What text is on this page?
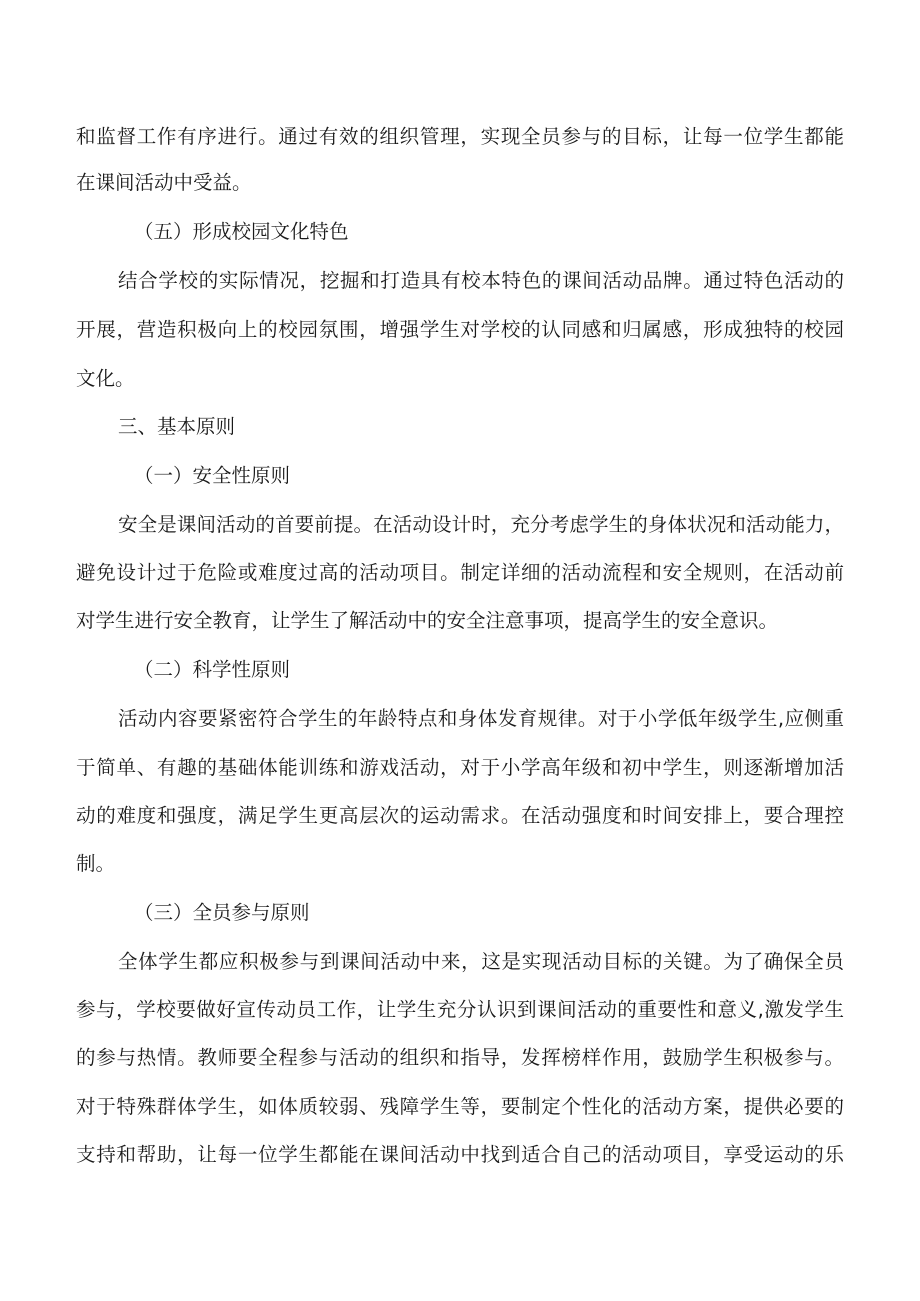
和监督工作有序进行。通过有效的组织管理，实现全员参与的目标，让每一位学生都能

在课间活动中受益。

（五）形成校园文化特色

结合学校的实际情况，挖掘和打造具有校本特色的课间活动品牌。通过特色活动的

开展，营造积极向上的校园氛围，增强学生对学校的认同感和归属感，形成独特的校园

文化。

三、基本原则

（一）安全性原则

安全是课间活动的首要前提。在活动设计时，充分考虑学生的身体状况和活动能力，

避免设计过于危险或难度过高的活动项目。制定详细的活动流程和安全规则，在活动前

对学生进行安全教育，让学生了解活动中的安全注意事项，提高学生的安全意识。

（二）科学性原则

活动内容要紧密符合学生的年龄特点和身体发育规律。对于小学低年级学生,应侧重

于简单、有趣的基础体能训练和游戏活动，对于小学高年级和初中学生，则逐渐增加活

动的难度和强度，满足学生更高层次的运动需求。在活动强度和时间安排上，要合理控

制。

（三）全员参与原则

全体学生都应积极参与到课间活动中来，这是实现活动目标的关键。为了确保全员

参与，学校要做好宣传动员工作，让学生充分认识到课间活动的重要性和意义,激发学生

的参与热情。教师要全程参与活动的组织和指导，发挥榜样作用，鼓励学生积极参与。

对于特殊群体学生，如体质较弱、残障学生等，要制定个性化的活动方案，提供必要的

支持和帮助，让每一位学生都能在课间活动中找到适合自己的活动项目，享受运动的乐
